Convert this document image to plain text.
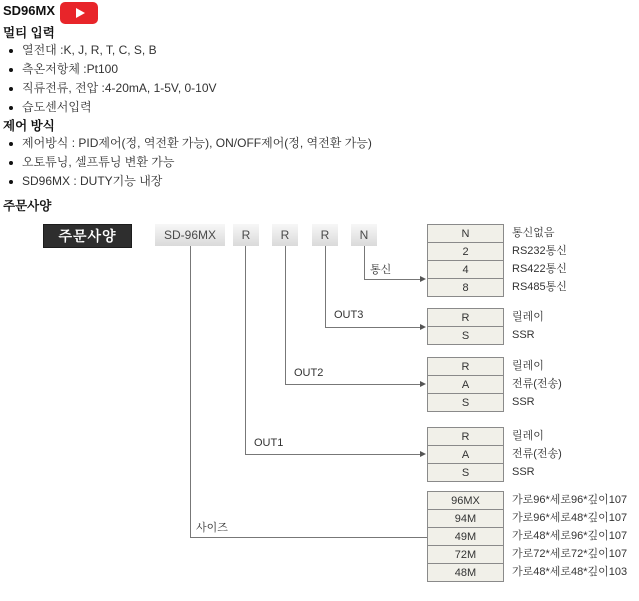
SD96MX
멀티 입력
열전대 :K, J, R, T, C, S, B
측온저항체 :Pt100
직류전류, 전압 :4-20mA, 1-5V, 0-10V
습도센서입력
제어 방식
제어방식 : PID제어(정, 역전환 가능), ON/OFF제어(정, 역전환 가능)
오토튜닝, 셀프튜닝 변환 가능
SD96MX : DUTY기능 내장
주문사양
주문사양	SD-96MX	R	R	R	N
통신
OUT3
OUT2
OUT1
사이즈
N	통신없음
2	RS232통신
4	RS422통신
8	RS485통신
R	릴레이
S	SSR
R	릴레이
A	전류(전송)
S	SSR
R	릴레이
A	전류(전송)
S	SSR
96MX	가로96*세로96*깊이107
94M	가로96*세로48*깊이107
49M	가로48*세로96*깊이107
72M	가로72*세로72*깊이107
48M	가로48*세로48*깊이103
